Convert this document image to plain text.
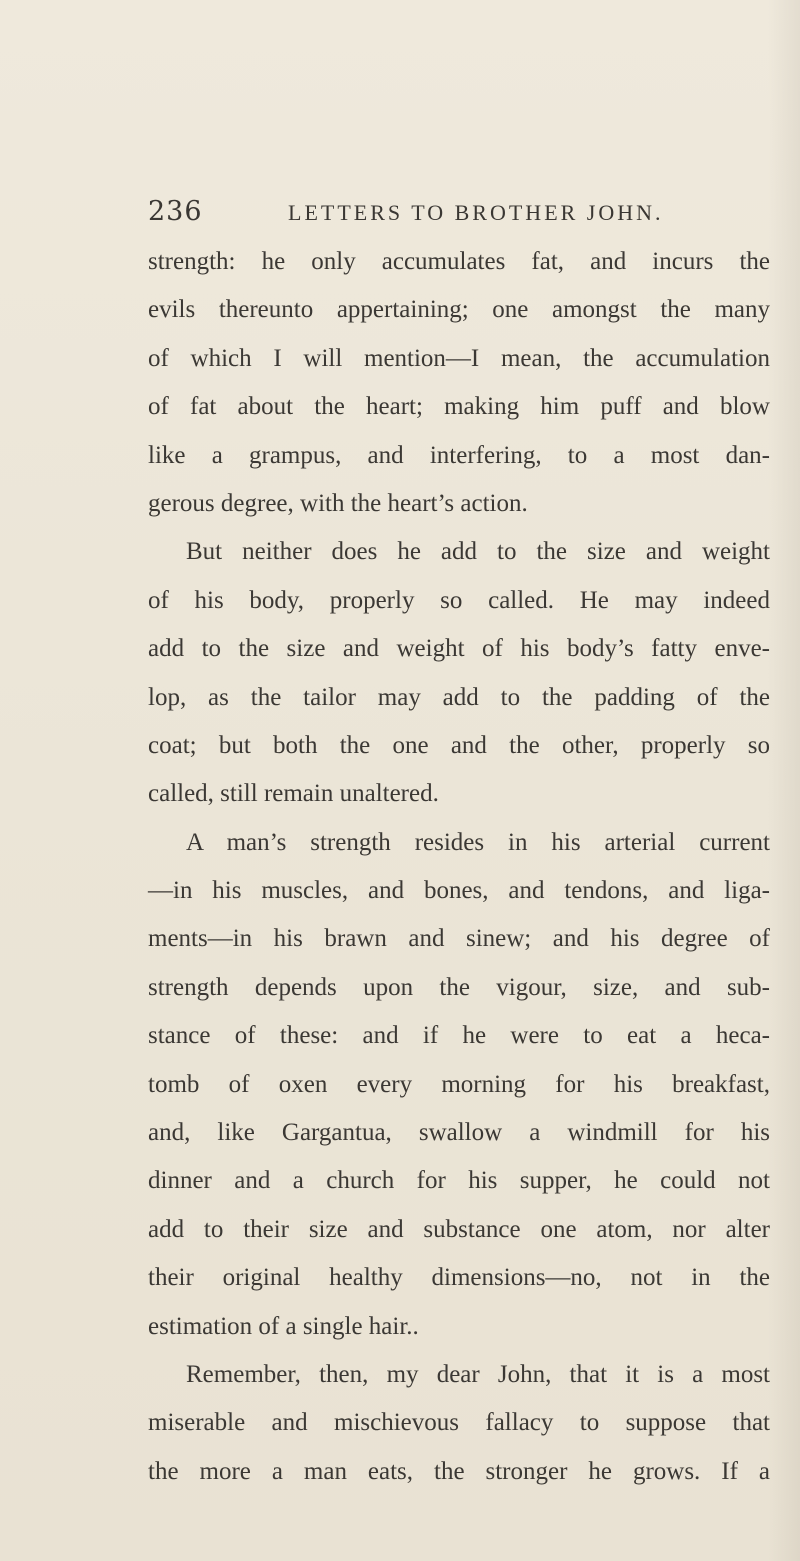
236	LETTERS TO BROTHER JOHN.
strength: he only accumulates fat, and incurs the
evils thereunto appertaining; one amongst the many
of which I will mention—I mean, the accumulation
of fat about the heart; making him puff and blow
like a grampus, and interfering, to a most dan-
gerous degree, with the heart’s action.
But neither does he add to the size and weight
of his body, properly so called. He may indeed
add to the size and weight of his body’s fatty enve-
lop, as the tailor may add to the padding of the
coat; but both the one and the other, properly so
called, still remain unaltered.
A man’s strength resides in his arterial current
—in his muscles, and bones, and tendons, and liga-
ments—in his brawn and sinew; and his degree of
strength depends upon the vigour, size, and sub-
stance of these: and if he were to eat a heca-
tomb of oxen every morning for his breakfast,
and, like Gargantua, swallow a windmill for his
dinner and a church for his supper, he could not
add to their size and substance one atom, nor alter
their original healthy dimensions—no, not in the
estimation of a single hair..
Remember, then, my dear John, that it is a most
miserable and mischievous fallacy to suppose that
the more a man eats, the stronger he grows. If a
